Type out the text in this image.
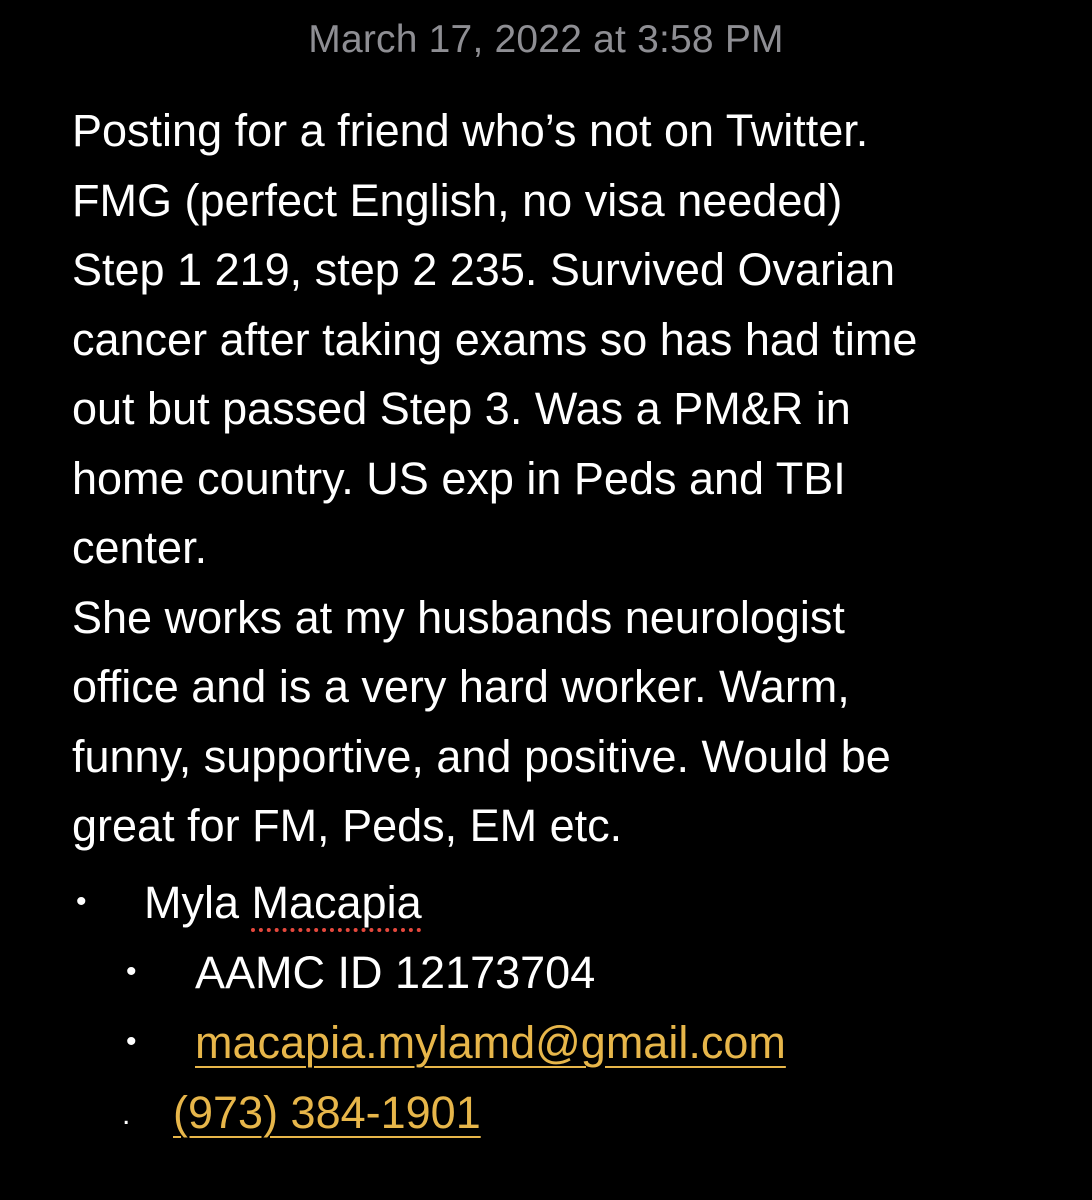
March 17, 2022 at 3:58 PM

Posting for a friend who’s not on Twitter.
FMG (perfect English, no visa needed)
Step 1 219, step 2 235. Survived Ovarian
cancer after taking exams so has had time
out but passed Step 3. Was a PM&R in
home country. US exp in Peds and TBI
center.

She works at my husbands neurologist
office and is a very hard worker. Warm,
funny, supportive, and positive. Would be
great for FM, Peds, EM etc.

• Myla Macapia
• AAMC ID 12173704
• macapia.mylamd@gmail.com
. (973) 384-1901
